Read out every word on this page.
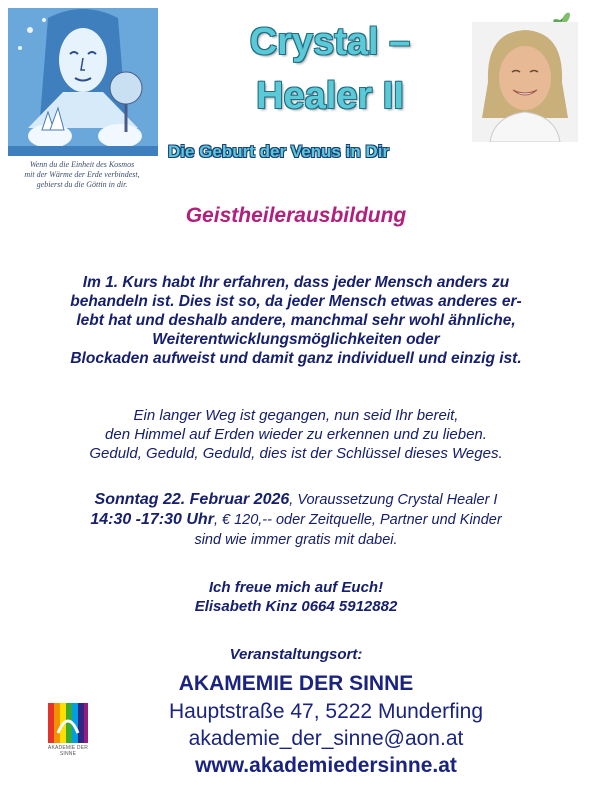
Wenn du die Einheit des Kosmos
mit der Wärme der Erde verbindest,
gebierst du die Göttin in dir.
Crystal –
Healer II
Die Geburt der Venus in Dir
Geistheilerausbildung
Im 1. Kurs habt Ihr erfahren, dass jeder Mensch anders zu
behandeln ist. Dies ist so, da jeder Mensch etwas anderes er-
lebt hat und deshalb andere, manchmal sehr wohl ähnliche,
Weiterentwicklungsmöglichkeiten oder
Blockaden aufweist und damit ganz individuell und einzig ist.
Ein langer Weg ist gegangen, nun seid Ihr bereit,
den Himmel auf Erden wieder zu erkennen und zu lieben.
Geduld, Geduld, Geduld, dies ist der Schlüssel dieses Weges.
Sonntag 22. Februar 2026, Voraussetzung Crystal Healer I
14:30 -17:30 Uhr, € 120,-- oder Zeitquelle, Partner und Kinder
sind wie immer gratis mit dabei.
Ich freue mich auf Euch!
Elisabeth Kinz 0664 5912882
Veranstaltungsort:
AKAMEMIE DER SINNE
AKADEMIE DER SINNE
Hauptstraße 47, 5222 Munderfing
akademie_der_sinne@aon.at
www.akademiedersinne.at
